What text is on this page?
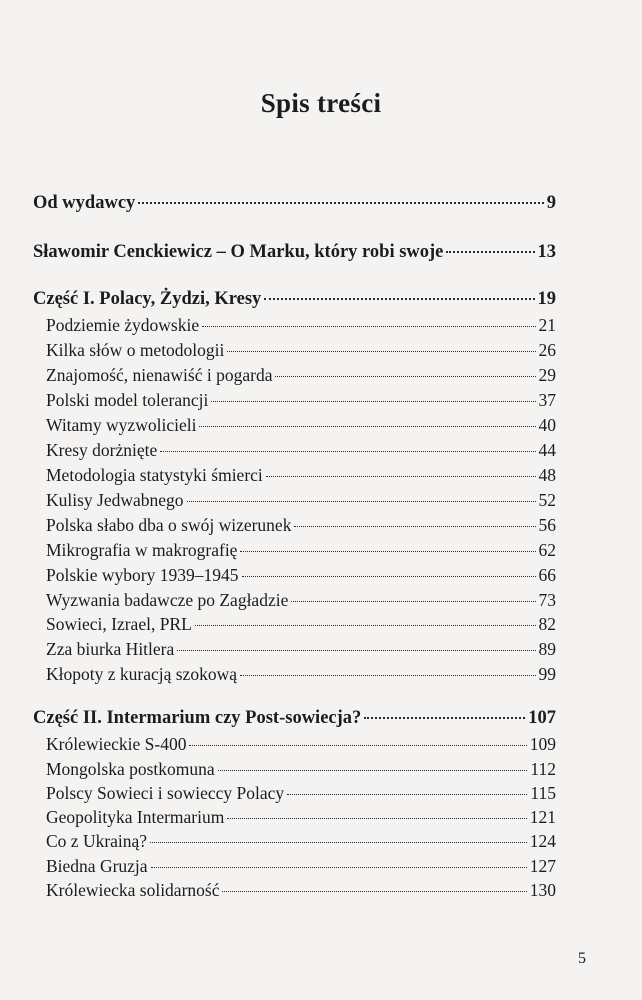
Spis treści
Od wydawcy	9
Sławomir Cenckiewicz – O Marku, który robi swoje	13
Część I. Polacy, Żydzi, Kresy	19
Podziemie żydowskie	21
Kilka słów o metodologii	26
Znajomość, nienawiść i pogarda	29
Polski model tolerancji	37
Witamy wyzwolicieli	40
Kresy dorżnięte	44
Metodologia statystyki śmierci	48
Kulisy Jedwabnego	52
Polska słabo dba o swój wizerunek	56
Mikrografia w makrografię	62
Polskie wybory 1939–1945	66
Wyzwania badawcze po Zagładzie	73
Sowieci, Izrael, PRL	82
Zza biurka Hitlera	89
Kłopoty z kuracją szokową	99
Część II. Intermarium czy Post-sowiecja?	107
Królewieckie S-400	109
Mongolska postkomuna	112
Polscy Sowieci i sowieccy Polacy	115
Geopolityka Intermarium	121
Co z Ukrainą?	124
Biedna Gruzja	127
Królewiecka solidarność	130
5
